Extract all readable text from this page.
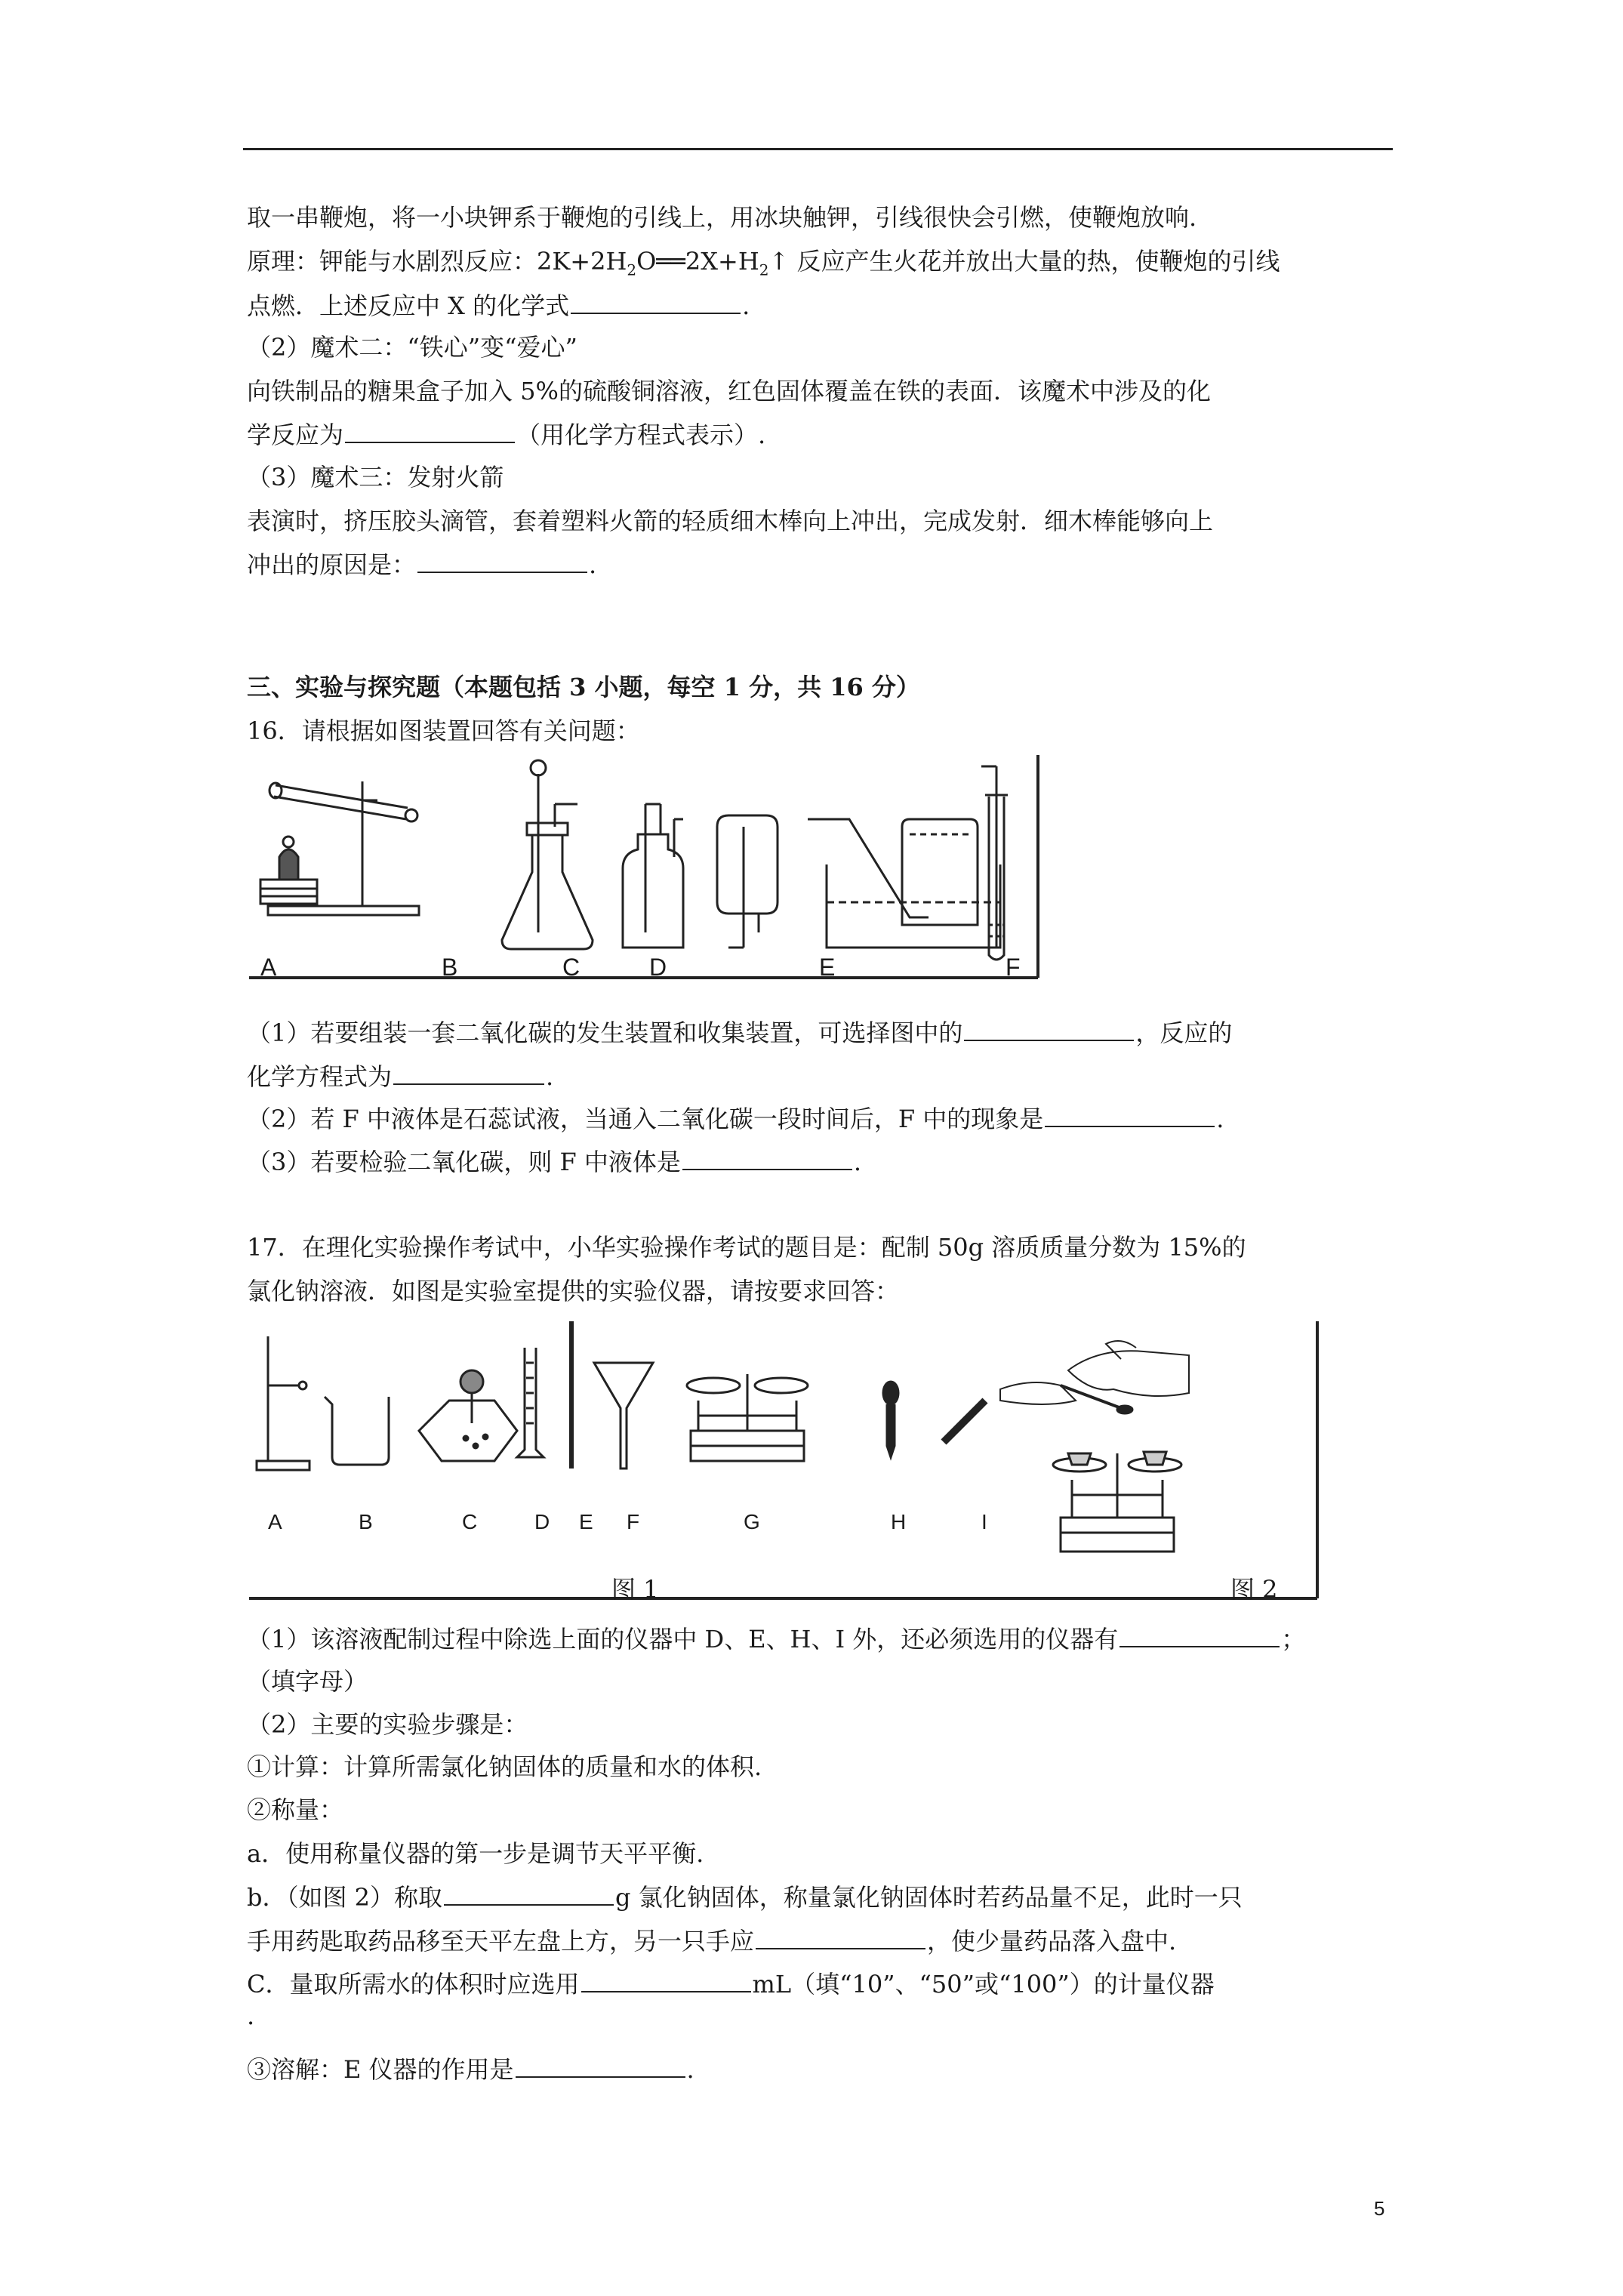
取一串鞭炮，将一小块钾系于鞭炮的引线上，用冰块触钾，引线很快会引燃，使鞭炮放响.
原理：钾能与水剧烈反应：$2K+2H_2O══2X+H_2↑$ 反应产生火花并放出大量的热，使鞭炮的引线
点燃．上述反应中 X 的化学式	.
（2）魔术二：“铁心”变“爱心”
向铁制品的糖果盒子加入 5%的硫酸铜溶液，红色固体覆盖在铁的表面．该魔术中涉及的化
学反应为	（用化学方程式表示）.
（3）魔术三：发射火箭
表演时，挤压胶头滴管，套着塑料火箭的轻质细木棒向上冲出，完成发射．细木棒能够向上
冲出的原因是：	.
三、实验与探究题（本题包括 3 小题，每空 1 分，共 16 分）
16．请根据如图装置回答有关问题：
A	B	C	D	E	F
（1）若要组装一套二氧化碳的发生装置和收集装置，可选择图中的	，反应的
化学方程式为	.
（2）若 F 中液体是石蕊试液，当通入二氧化碳一段时间后，F 中的现象是	.
（3）若要检验二氧化碳，则 F 中液体是	.
17．在理化实验操作考试中，小华实验操作考试的题目是：配制 50g 溶质质量分数为 15%的
氯化钠溶液．如图是实验室提供的实验仪器，请按要求回答：
A	B	C	D E F	G	H	I
图 1	图 2
（1）该溶液配制过程中除选上面的仪器中 D、E、H、I 外，还必须选用的仪器有	；
（填字母）
（2）主要的实验步骤是：
①计算：计算所需氯化钠固体的质量和水的体积.
②称量：
a．使用称量仪器的第一步是调节天平平衡.
b．（如图 2）称取	g 氯化钠固体，称量氯化钠固体时若药品量不足，此时一只
手用药匙取药品移至天平左盘上方，另一只手应	，使少量药品落入盘中.
C．量取所需水的体积时应选用	mL（填“10”、“50”或“100”）的计量仪器
.
③溶解：E 仪器的作用是	.
5
